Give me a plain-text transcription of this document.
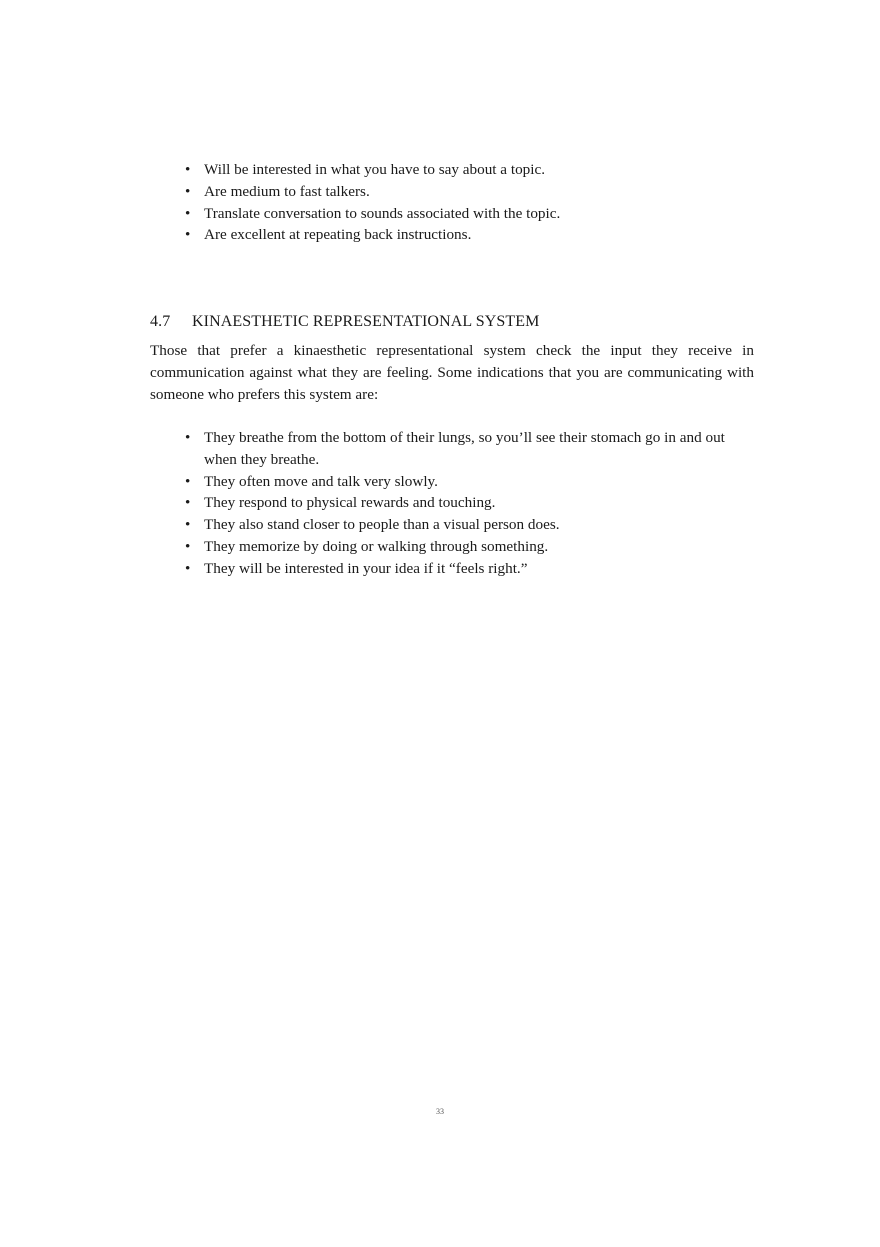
• Will be interested in what you have to say about a topic.
• Are medium to fast talkers.
• Translate conversation to sounds associated with the topic.
• Are excellent at repeating back instructions.
4.7 KINAESTHETIC REPRESENTATIONAL SYSTEM

Those that prefer a kinaesthetic representational system check the input they receive in communication against what they are feeling. Some indications that you are communicating with someone who prefers this system are:

• They breathe from the bottom of their lungs, so you’ll see their stomach go in and out when they breathe.
• They often move and talk very slowly.
• They respond to physical rewards and touching.
• They also stand closer to people than a visual person does.
• They memorize by doing or walking through something.
• They will be interested in your idea if it “feels right.”
33
